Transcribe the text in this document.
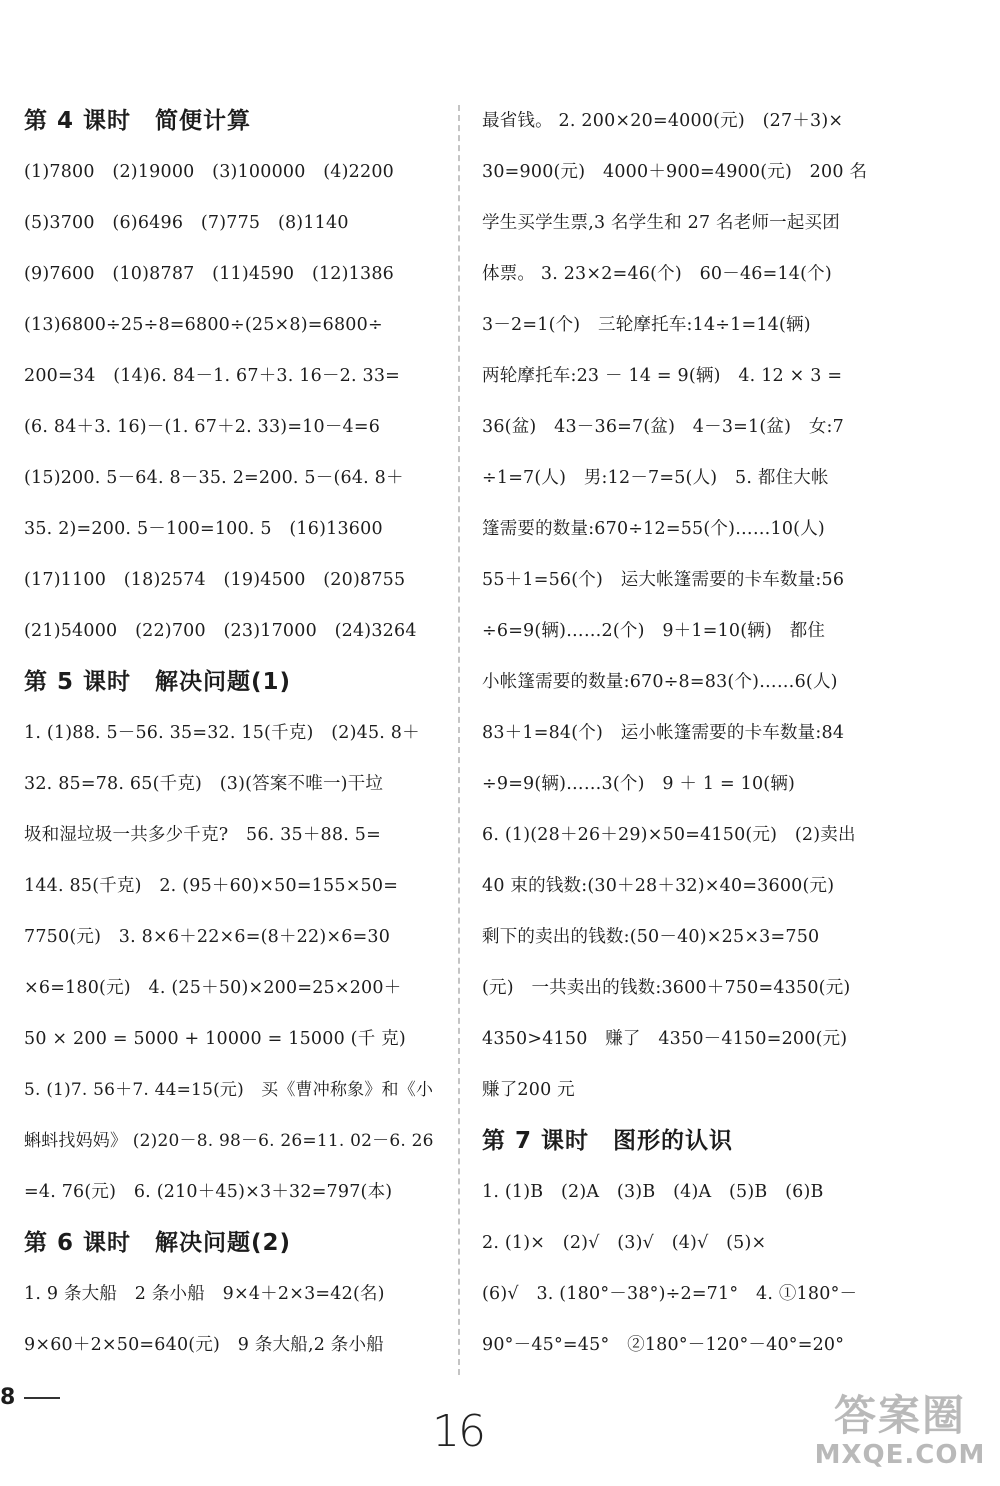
第 4 课时 简便计算
(1)7800　(2)19000　(3)100000　(4)2200
(5)3700　(6)6496　(7)775　(8)1140
(9)7600　(10)8787　(11)4590　(12)1386
(13)6800÷25÷8=6800÷(25×8)=6800÷
200=34　(14)6. 84－1. 67＋3. 16－2. 33=
(6. 84＋3. 16)－(1. 67＋2. 33)=10－4=6
(15)200. 5－64. 8－35. 2=200. 5－(64. 8＋
35. 2)=200. 5－100=100. 5　(16)13600
(17)1100　(18)2574　(19)4500　(20)8755
(21)54000　(22)700　(23)17000　(24)3264
第 5 课时 解决问题(1)
1. (1)88. 5－56. 35=32. 15(千克)　(2)45. 8＋
32. 85=78. 65(千克)　(3)(答案不唯一)干垃
圾和湿垃圾一共多少千克?　56. 35＋88. 5=
144. 85(千克)　2. (95＋60)×50=155×50=
7750(元)　3. 8×6＋22×6=(8＋22)×6=30
×6=180(元)　4. (25＋50)×200=25×200＋
50 × 200 = 5000 + 10000 = 15000 (千 克)
5. (1)7. 56＋7. 44=15(元)　买《曹冲称象》和《小
蝌蚪找妈妈》 (2)20－8. 98－6. 26=11. 02－6. 26
=4. 76(元)　6. (210＋45)×3＋32=797(本)
第 6 课时 解决问题(2)
1. 9 条大船　2 条小船　9×4＋2×3=42(名)
9×60＋2×50=640(元)　9 条大船,2 条小船
最省钱。 2. 200×20=4000(元)　(27＋3)×
30=900(元)　4000＋900=4900(元)　200 名
学生买学生票,3 名学生和 27 名老师一起买团
体票。 3. 23×2=46(个)　60－46=14(个)
3－2=1(个)　三轮摩托车:14÷1=14(辆)
两轮摩托车:23 － 14 = 9(辆)　4. 12 × 3 =
36(盆)　43－36=7(盆)　4－3=1(盆)　女:7
÷1=7(人)　男:12－7=5(人)　5. 都住大帐
篷需要的数量:670÷12=55(个)……10(人)
55＋1=56(个)　运大帐篷需要的卡车数量:56
÷6=9(辆)……2(个)　9＋1=10(辆)　都住
小帐篷需要的数量:670÷8=83(个)……6(人)
83＋1=84(个)　运小帐篷需要的卡车数量:84
÷9=9(辆)……3(个)　9 ＋ 1 = 10(辆)
6. (1)(28＋26＋29)×50=4150(元)　(2)卖出
40 束的钱数:(30＋28＋32)×40=3600(元)
剩下的卖出的钱数:(50－40)×25×3=750
(元)　一共卖出的钱数:3600＋750=4350(元)
4350>4150　赚了　4350－4150=200(元)
赚了200 元
第 7 课时 图形的认识
1. (1)B　(2)A　(3)B　(4)A　(5)B　(6)B
2. (1)×　(2)√　(3)√　(4)√　(5)×
(6)√　3. (180°－38°)÷2=71°　4. ①180°－
90°－45°=45°　②180°－120°－40°=20°
8
16	答案圈
MXQE.COM
